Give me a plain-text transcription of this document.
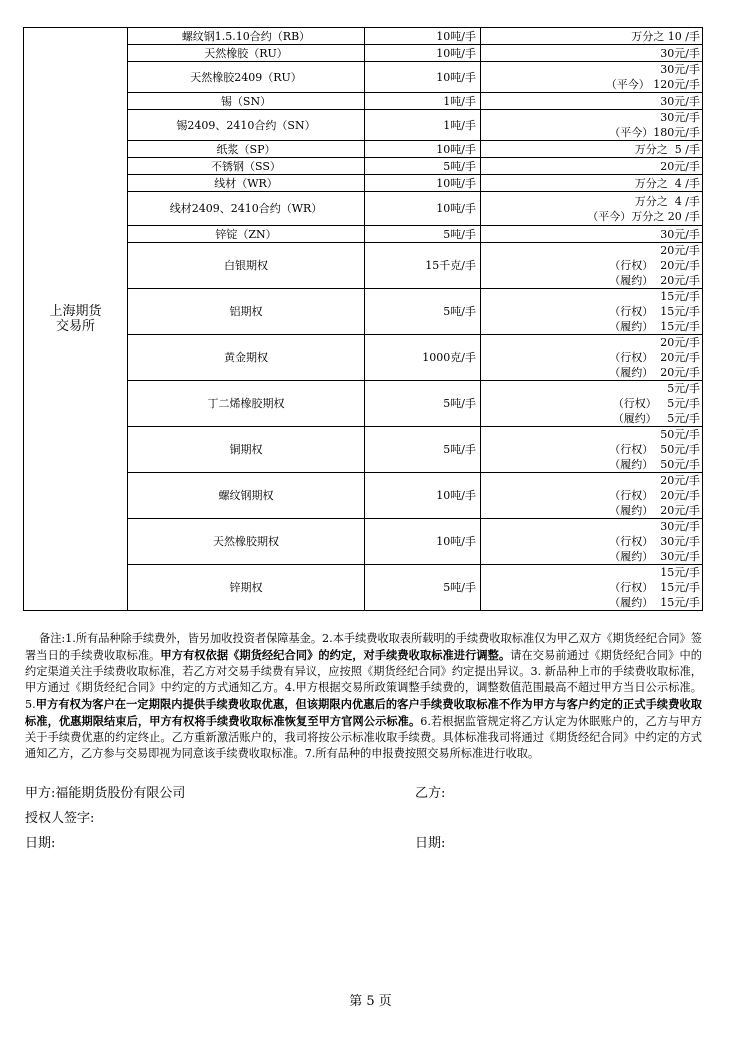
上海期货
交易所	螺纹钢1.5.10合约（RB）	10吨/手	万分之 10 /手

	天然橡胶（RU）	10吨/手	30元/手

	天然橡胶2409（RU）	10吨/手	30元/手
（平今） 120元/手

	锡（SN）	1吨/手	30元/手

	锡2409、2410合约（SN）	1吨/手	30元/手
（平今）180元/手

	纸浆（SP）	10吨/手	万分之  5 /手

	不锈钢（SS）	5吨/手	20元/手

	线材（WR）	10吨/手	万分之  4 /手

	线材2409、2410合约（WR）	10吨/手	万分之  4 /手
（平今）万分之 20 /手

	锌锭（ZN）	5吨/手	30元/手

	白银期权	15千克/手	20元/手
（行权）  20元/手
（履约）  20元/手

	铝期权	5吨/手	15元/手
（行权）  15元/手
（履约）  15元/手

	黄金期权	1000克/手	20元/手
（行权）  20元/手
（履约）  20元/手

	丁二烯橡胶期权	5吨/手	5元/手
（行权）   5元/手
（履约）   5元/手

	铜期权	5吨/手	50元/手
（行权）  50元/手
（履约）  50元/手

	螺纹钢期权	10吨/手	20元/手
（行权）  20元/手
（履约）  20元/手

	天然橡胶期权	10吨/手	30元/手
（行权）  30元/手
（履约）  30元/手

	锌期权	5吨/手	15元/手
（行权）  15元/手
（履约）  15元/手

备注:1.所有品种除手续费外，皆另加收投资者保障基金。2.本手续费收取表所载明的手续费收取标准仅为甲乙双方《期货经纪合同》签署当日的手续费收取标准。甲方有权依据《期货经纪合同》的约定，对手续费收取标准进行调整。请在交易前通过《期货经纪合同》中的约定渠道关注手续费收取标准，若乙方对交易手续费有异议，应按照《期货经纪合同》约定提出异议。3. 新品种上市的手续费收取标准，甲方通过《期货经纪合同》中约定的方式通知乙方。4.甲方根据交易所政策调整手续费的，调整数值范围最高不超过甲方当日公示标准。5.甲方有权为客户在一定期限内提供手续费收取优惠，但该期限内优惠后的客户手续费收取标准不作为甲方与客户约定的正式手续费收取标准，优惠期限结束后，甲方有权将手续费收取标准恢复至甲方官网公示标准。6.若根据监管规定将乙方认定为休眠账户的，乙方与甲方关于手续费优惠的约定终止。乙方重新激活账户的，我司将按公示标准收取手续费。具体标准我司将通过《期货经纪合同》中约定的方式通知乙方，乙方参与交易即视为同意该手续费收取标准。7.所有品种的申报费按照交易所标准进行收取。

甲方:福能期货股份有限公司	乙方:
授权人签字:
日期:	日期:
第 5 页
